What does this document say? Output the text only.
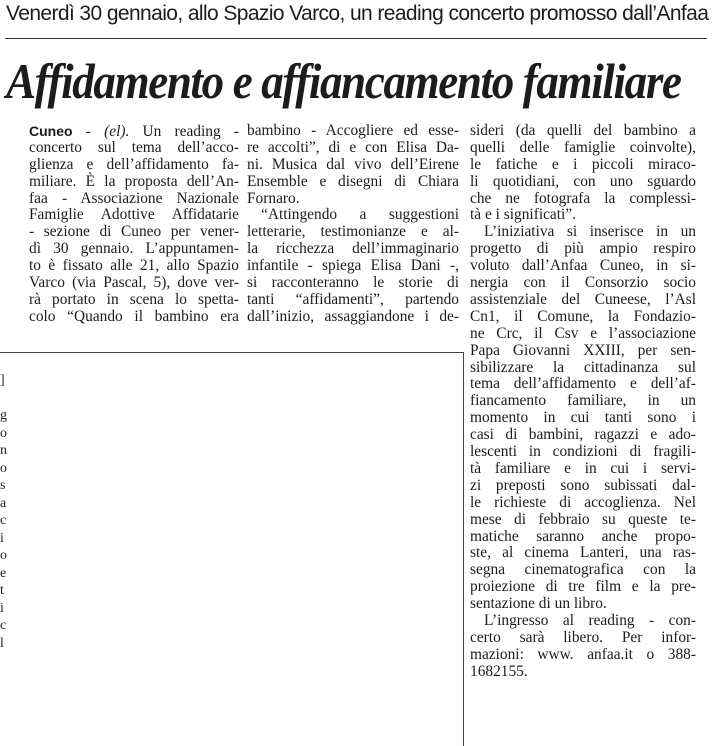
Venerdì 30 gennaio, allo Spazio Varco, un reading concerto promosso dall’Anfaa
Affidamento e affiancamento familiare
Cuneo - (el). Un reading -
concerto sul tema dell’acco-
glienza e dell’affidamento fa-
miliare. È la proposta dell’An-
faa - Associazione Nazionale
Famiglie Adottive Affidatarie
- sezione di Cuneo per vener-
dì 30 gennaio. L’appuntamen-
to è fissato alle 21, allo Spazio
Varco (via Pascal, 5), dove ver-
rà portato in scena lo spetta-
colo “Quando il bambino era
bambino - Accogliere ed esse-
re accolti”, di e con Elisa Da-
ni. Musica dal vivo dell’Eirene
Ensemble e disegni di Chiara
Fornaro.
“Attingendo a suggestioni
letterarie, testimonianze e al-
la ricchezza dell’immaginario
infantile - spiega Elisa Dani -,
si racconteranno le storie di
tanti “affidamenti”, partendo
dall’inizio, assaggiandone i de-
sideri (da quelli del bambino a
quelli delle famiglie coinvolte),
le fatiche e i piccoli miraco-
li quotidiani, con uno sguardo
che ne fotografa la complessi-
tà e i significati”.
L’iniziativa si inserisce in un
progetto di più ampio respiro
voluto dall’Anfaa Cuneo, in si-
nergia con il Consorzio socio
assistenziale del Cuneese, l’Asl
Cn1, il Comune, la Fondazio-
ne Crc, il Csv e l’associazione
Papa Giovanni XXIII, per sen-
sibilizzare la cittadinanza sul
tema dell’affidamento e dell’af-
fiancamento familiare, in un
momento in cui tanti sono i
casi di bambini, ragazzi e ado-
lescenti in condizioni di fragili-
tà familiare e in cui i servi-
zi preposti sono subissati dal-
le richieste di accoglienza. Nel
mese di febbraio su queste te-
matiche saranno anche propo-
ste, al cinema Lanteri, una ras-
segna cinematografica con la
proiezione di tre film e la pre-
sentazione di un libro.
L’ingresso al reading - con-
certo sarà libero. Per infor-
mazioni: www. anfaa.it o 388-
1682155.
]
g
o
n
o
s
a
c
i
o
e
t
i
c
l
